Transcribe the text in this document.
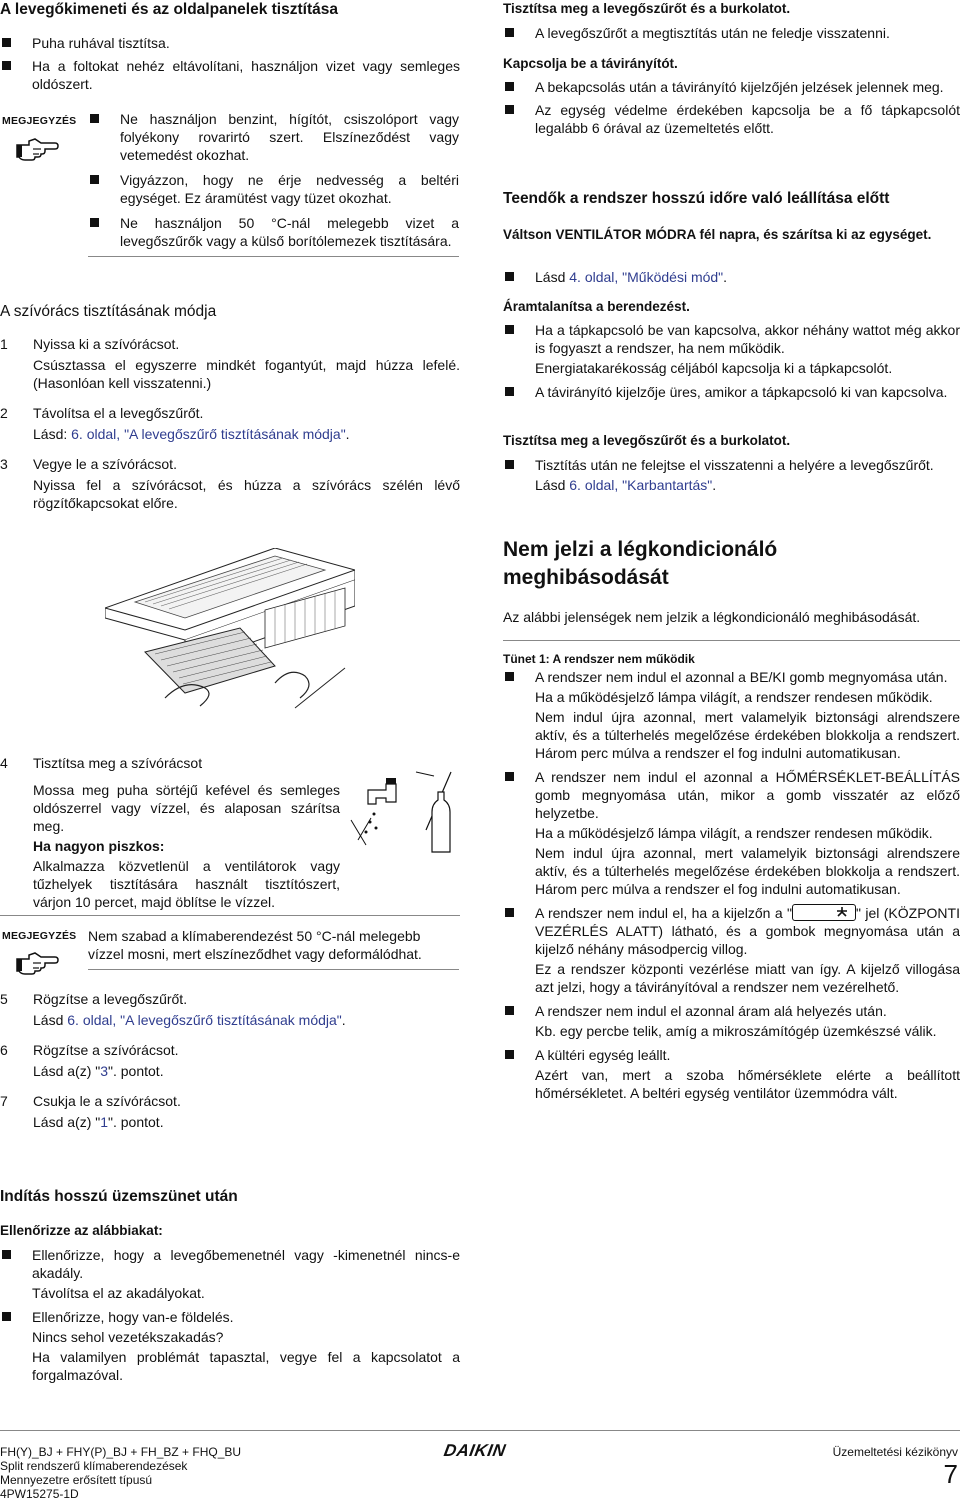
A levegőkimeneti és az oldalpanelek tisztítása
Puha ruhával tisztítsa.
Ha a foltokat nehéz eltávolítani, használjon vizet vagy semleges oldószert.
MEGJEGYZÉS	Ne használjon benzint, hígítót, csiszolóport vagy folyékony rovarirtó szert. Elszíneződést vagy vetemedést okozhat.
Vigyázzon, hogy ne érje nedvesség a beltéri egységet. Ez áramütést vagy tüzet okozhat.
Ne használjon 50 °C-nál melegebb vizet a levegőszűrők vagy a külső borítólemezek tisztítására.
A szívórács tisztításának módja
1 Nyissa ki a szívórácsot.
Csúsztassa el egyszerre mindkét fogantyút, majd húzza lefelé. (Hasonlóan kell visszatenni.)
2 Távolítsa el a levegőszűrőt.
Lásd: 6. oldal, "A levegőszűrő tisztításának módja".
3 Vegye le a szívórácsot.
Nyissa fel a szívórácsot, és húzza a szívórács szélén lévő rögzítőkapcsokat előre.
4 Tisztítsa meg a szívórácsot
Mossa meg puha sörtéjű kefével és semleges oldószerrel vagy vízzel, és alaposan szárítsa meg.
Ha nagyon piszkos:
Alkalmazza közvetlenül a ventilátorok vagy tűzhelyek tisztítására használt tisztítószert, várjon 10 percet, majd öblítse le vízzel.
MEGJEGYZÉS Nem szabad a klímaberendezést 50 °C-nál melegebb vízzel mosni, mert elszíneződhet vagy deformálódhat.
5 Rögzítse a levegőszűrőt.
Lásd 6. oldal, "A levegőszűrő tisztításának módja".
6 Rögzítse a szívórácsot.
Lásd a(z) "3". pontot.
7 Csukja le a szívórácsot.
Lásd a(z) "1". pontot.
Indítás hosszú üzemszünet után
Ellenőrizze az alábbiakat:
Ellenőrizze, hogy a levegőbemenetnél vagy -kimenetnél nincs-e akadály.
Távolítsa el az akadályokat.
Ellenőrizze, hogy van-e földelés.
Nincs sehol vezetékszakadás?
Ha valamilyen problémát tapasztal, vegye fel a kapcsolatot a forgalmazóval.
Tisztítsa meg a levegőszűrőt és a burkolatot.
A levegőszűrőt a megtisztítás után ne feledje visszatenni.
Kapcsolja be a távirányítót.
A bekapcsolás után a távirányító kijelzőjén jelzések jelennek meg.
Az egység védelme érdekében kapcsolja be a fő tápkapcsolót legalább 6 órával az üzemeltetés előtt.
Teendők a rendszer hosszú időre való leállítása előtt
Váltson VENTILÁTOR MÓDRA fél napra, és szárítsa ki az egységet.
Lásd 4. oldal, "Működési mód".
Áramtalanítsa a berendezést.
Ha a tápkapcsoló be van kapcsolva, akkor néhány wattot még akkor is fogyaszt a rendszer, ha nem működik.
Energiatakarékosság céljából kapcsolja ki a tápkapcsolót.
A távirányító kijelzője üres, amikor a tápkapcsoló ki van kapcsolva.
Tisztítsa meg a levegőszűrőt és a burkolatot.
Tisztítás után ne felejtse el visszatenni a helyére a levegőszűrőt.
Lásd 6. oldal, "Karbantartás".
Nem jelzi a légkondicionáló
meghibásodását
Az alábbi jelenségek nem jelzik a légkondicionáló meghibásodását.
Tünet 1: A rendszer nem működik
A rendszer nem indul el azonnal a BE/KI gomb megnyomása után.
Ha a működésjelző lámpa világít, a rendszer rendesen működik.
Nem indul újra azonnal, mert valamelyik biztonsági alrendszere aktív, és a túlterhelés megelőzése érdekében blokkolja a rendszert. Három perc múlva a rendszer el fog indulni automatikusan.
A rendszer nem indul el azonnal a HŐMÉRSÉKLET-BEÁLLÍTÁS gomb megnyomása után, mikor a gomb visszatér az előző helyzetbe.
Ha a működésjelző lámpa világít, a rendszer rendesen működik.
Nem indul újra azonnal, mert valamelyik biztonsági alrendszere aktív, és a túlterhelés megelőzése érdekében blokkolja a rendszert. Három perc múlva a rendszer el fog indulni automatikusan.
A rendszer nem indul el, ha a kijelzőn a "	" jel (KÖZPONTI VEZÉRLÉS ALATT) látható, és a gombok megnyomása után a kijelző néhány másodpercig villog.
Ez a rendszer központi vezérlése miatt van így. A kijelző villogása azt jelzi, hogy a távirányítóval a rendszer nem vezérelhető.
A rendszer nem indul el azonnal áram alá helyezés után.
Kb. egy percbe telik, amíg a mikroszámítógép üzemkészsé válik.
A kültéri egység leállt.
Azért van, mert a szoba hőmérséklete elérte a beállított hőmérsékletet. A beltéri egység ventilátor üzemmódra vált.
FH(Y)_BJ + FHY(P)_BJ + FH_BZ + FHQ_BU
Split rendszerű klímaberendezések
Mennyezetre erősített típusú
4PW15275-1D
DAIKIN	Üzemeltetési kézikönyv
7
